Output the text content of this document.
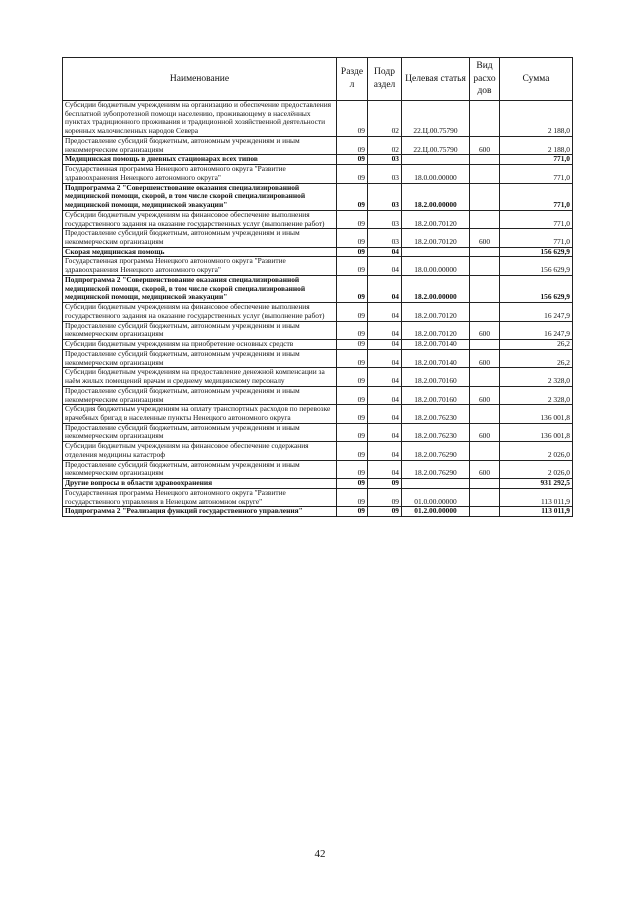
Наименование	Разде л	Подр аздел	Целевая статья	Вид расхо дов	Сумма
Субсидии бюджетным учреждениям на организацию и обеспечение предоставления бесплатной зубопротезной помощи населению, проживающему в населённых пунктах традиционного проживания и традиционной хозяйственной деятельности коренных малочисленных народов Севера	09	02	22.Ц.00.75790		2 188,0
Предоставление субсидий бюджетным, автономным учреждениям и иным некоммерческим организациям	09	02	22.Ц.00.75790	600	2 188,0
Медицинская помощь в дневных стационарах всех типов	09	03			771,0
Государственная программа Ненецкого автономного округа "Развитие здравоохранения Ненецкого автономного округа"	09	03	18.0.00.00000		771,0
Подпрограмма 2 "Совершенствование оказания специализированной медицинской помощи, скорой, в том числе скорой специализированной медицинской помощи, медицинской эвакуации"	09	03	18.2.00.00000		771,0
Субсидии бюджетным учреждениям на финансовое обеспечение выполнения государственного задания на оказание государственных услуг (выполнение работ)	09	03	18.2.00.70120		771,0
Предоставление субсидий бюджетным, автономным учреждениям и иным некоммерческим организациям	09	03	18.2.00.70120	600	771,0
Скорая медицинская помощь	09	04			156 629,9
Государственная программа Ненецкого автономного округа "Развитие здравоохранения Ненецкого автономного округа"	09	04	18.0.00.00000		156 629,9
Подпрограмма 2 "Совершенствование оказания специализированной медицинской помощи, скорой, в том числе скорой специализированной медицинской помощи, медицинской эвакуации"	09	04	18.2.00.00000		156 629,9
Субсидии бюджетным учреждениям на финансовое обеспечение выполнения государственного задания на оказание государственных услуг (выполнение работ)	09	04	18.2.00.70120		16 247,9
Предоставление субсидий бюджетным, автономным учреждениям и иным некоммерческим организациям	09	04	18.2.00.70120	600	16 247,9
Субсидии бюджетным учреждениям на приобретение основных средств	09	04	18.2.00.70140		26,2
Предоставление субсидий бюджетным, автономным учреждениям и иным некоммерческим организациям	09	04	18.2.00.70140	600	26,2
Субсидии бюджетным учреждениям на предоставление денежной компенсации за наём жилых помещений врачам и среднему медицинскому персоналу	09	04	18.2.00.70160		2 328,0
Предоставление субсидий бюджетным, автономным учреждениям и иным некоммерческим организациям	09	04	18.2.00.70160	600	2 328,0
Субсидия бюджетным учреждениям на оплату транспортных расходов по перевозке врачебных бригад в населенные пункты Ненецкого автономного округа	09	04	18.2.00.76230		136 001,8
Предоставление субсидий бюджетным, автономным учреждениям и иным некоммерческим организациям	09	04	18.2.00.76230	600	136 001,8
Субсидии бюджетным учреждениям на финансовое обеспечение содержания отделения медицины катастроф	09	04	18.2.00.76290		2 026,0
Предоставление субсидий бюджетным, автономным учреждениям и иным некоммерческим организациям	09	04	18.2.00.76290	600	2 026,0
Другие вопросы в области здравоохранения	09	09			931 292,5
Государственная программа Ненецкого автономного округа "Развитие государственного управления в Ненецком автономном округе"	09	09	01.0.00.00000		113 011,9
Подпрограмма 2 "Реализация функций государственного управления"	09	09	01.2.00.00000		113 011,9
42
